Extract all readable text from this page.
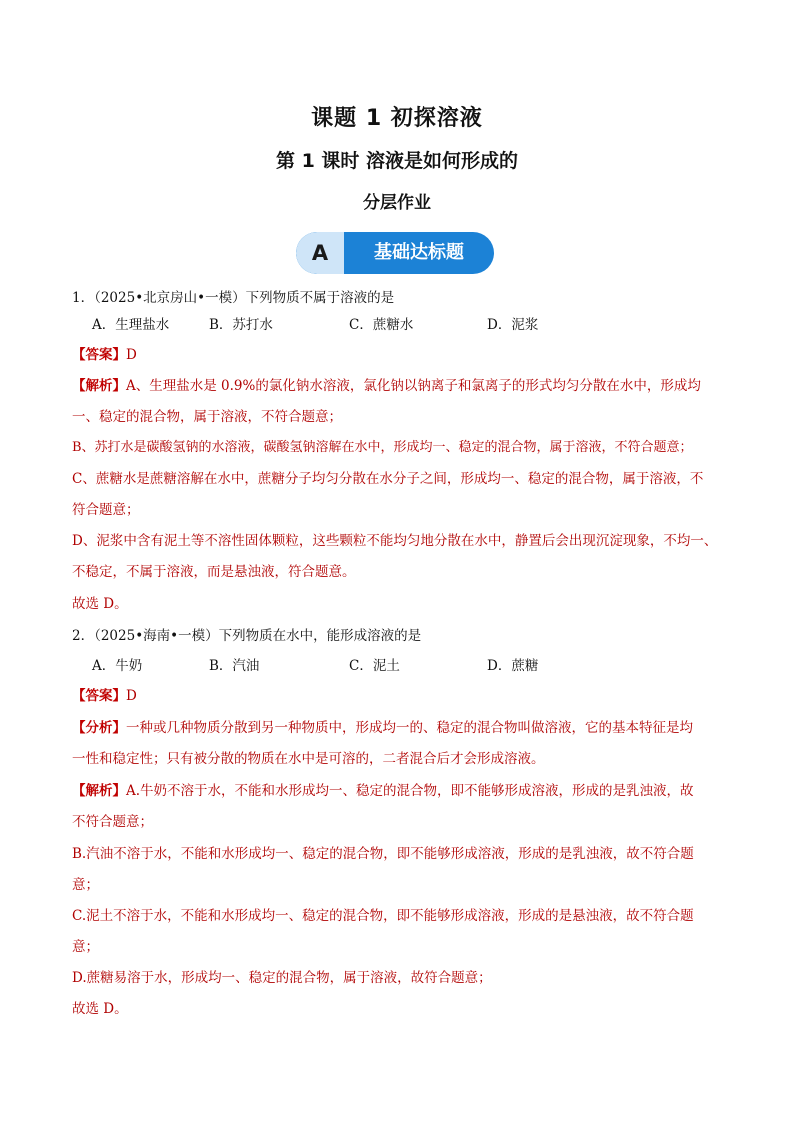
课题 1 初探溶液
第 1 课时 溶液是如何形成的
分层作业
A	基础达标题
1．（2025•北京房山•一模）下列物质不属于溶液的是
A．生理盐水	B．苏打水	C．蔗糖水	D．泥浆
【答案】D
【解析】A、生理盐水是 0.9%的氯化钠水溶液，氯化钠以钠离子和氯离子的形式均匀分散在水中，形成均
一、稳定的混合物，属于溶液，不符合题意；
B、苏打水是碳酸氢钠的水溶液，碳酸氢钠溶解在水中，形成均一、稳定的混合物，属于溶液，不符合题意；
C、蔗糖水是蔗糖溶解在水中，蔗糖分子均匀分散在水分子之间，形成均一、稳定的混合物，属于溶液，不
符合题意；
D、泥浆中含有泥土等不溶性固体颗粒，这些颗粒不能均匀地分散在水中，静置后会出现沉淀现象，不均一、
不稳定，不属于溶液，而是悬浊液，符合题意。
故选 D。
2．（2025•海南•一模）下列物质在水中，能形成溶液的是
A．牛奶	B．汽油	C．泥土	D．蔗糖
【答案】D
【分析】一种或几种物质分散到另一种物质中，形成均一的、稳定的混合物叫做溶液，它的基本特征是均
一性和稳定性；只有被分散的物质在水中是可溶的，二者混合后才会形成溶液。
【解析】A.牛奶不溶于水，不能和水形成均一、稳定的混合物，即不能够形成溶液，形成的是乳浊液，故
不符合题意；
B.汽油不溶于水，不能和水形成均一、稳定的混合物，即不能够形成溶液，形成的是乳浊液，故不符合题
意；
C.泥土不溶于水，不能和水形成均一、稳定的混合物，即不能够形成溶液，形成的是悬浊液，故不符合题
意；
D.蔗糖易溶于水，形成均一、稳定的混合物，属于溶液，故符合题意；
故选 D。
